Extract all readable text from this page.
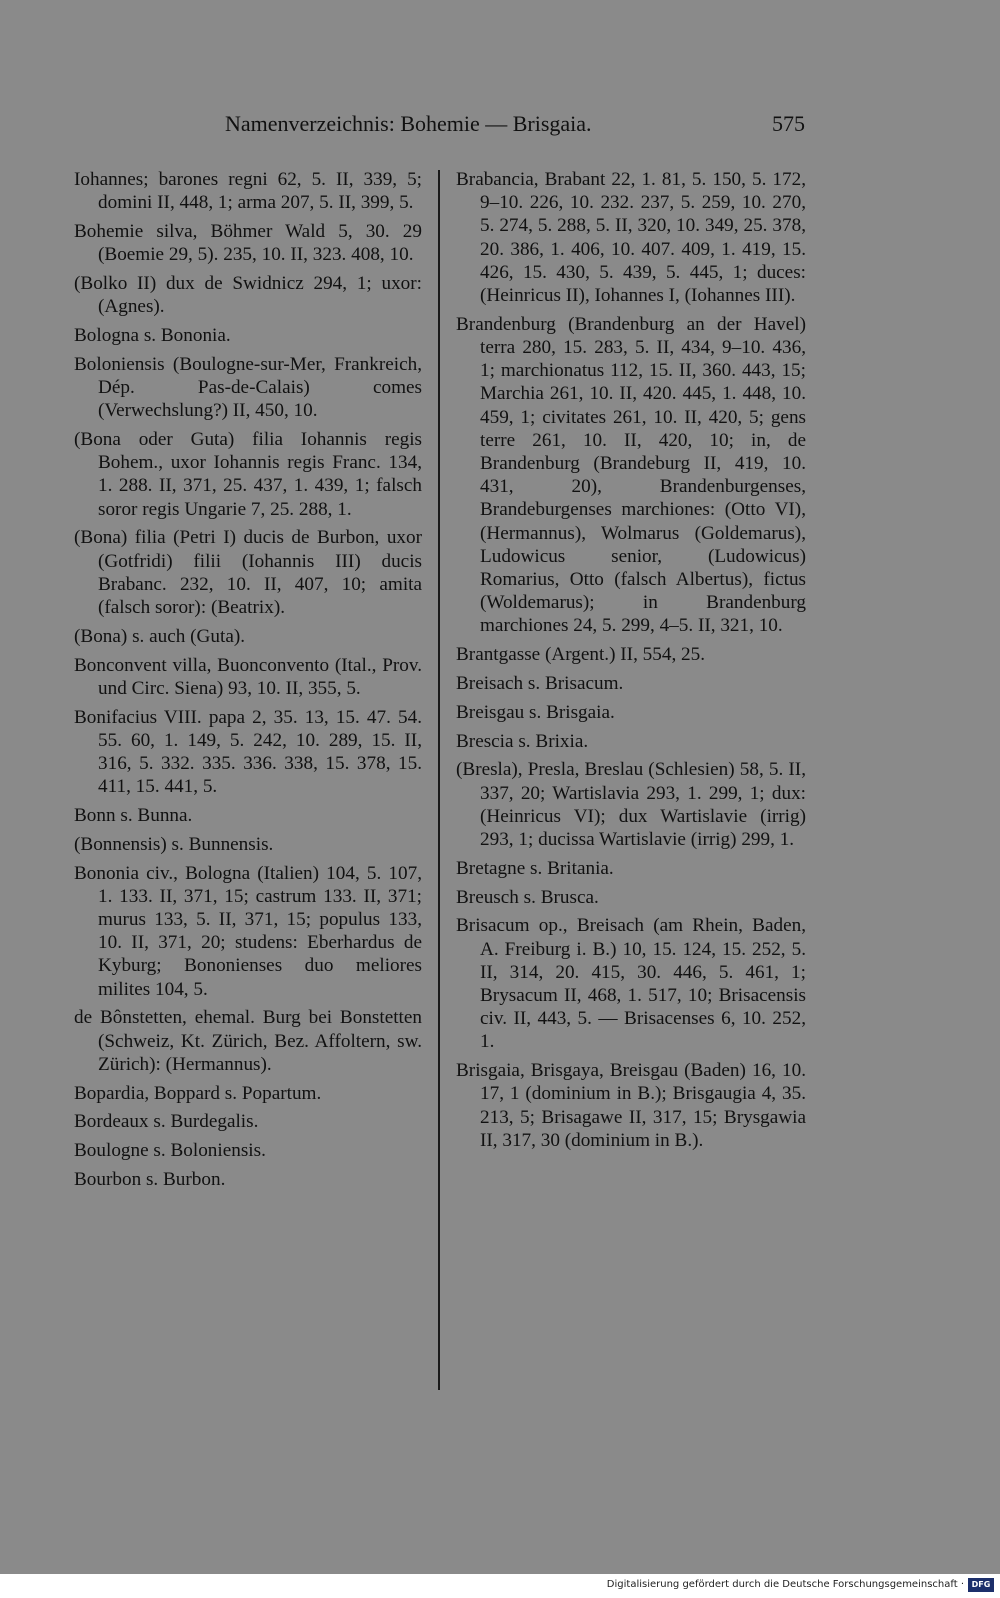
Namenverzeichnis: Bohemie — Brisgaia.	575

Iohannes; barones regni 62, 5. II, 339, 5; domini II, 448, 1; arma 207, 5. II, 399, 5.

Bohemie silva, Böhmer Wald 5, 30. 29 (Boemie 29, 5). 235, 10. II, 323. 408, 10.

(Bolko II) dux de Swidnicz 294, 1; uxor: (Agnes).

Bologna s. Bononia.

Boloniensis (Boulogne-sur-Mer, Frankreich, Dép. Pas-de-Calais) comes (Verwechslung?) II, 450, 10.

(Bona oder Guta) filia Iohannis regis Bohem., uxor Iohannis regis Franc. 134, 1. 288. II, 371, 25. 437, 1. 439, 1; falsch soror regis Ungarie 7, 25. 288, 1.

(Bona) filia (Petri I) ducis de Burbon, uxor (Gotfridi) filii (Iohannis III) ducis Brabanc. 232, 10. II, 407, 10; amita (falsch soror): (Beatrix).

(Bona) s. auch (Guta).

Bonconvent villa, Buonconvento (Ital., Prov. und Circ. Siena) 93, 10. II, 355, 5.

Bonifacius VIII. papa 2, 35. 13, 15. 47. 54. 55. 60, 1. 149, 5. 242, 10. 289, 15. II, 316, 5. 332. 335. 336. 338, 15. 378, 15. 411, 15. 441, 5.

Bonn s. Bunna.

(Bonnensis) s. Bunnensis.

Bononia civ., Bologna (Italien) 104, 5. 107, 1. 133. II, 371, 15; castrum 133. II, 371; murus 133, 5. II, 371, 15; populus 133, 10. II, 371, 20; studens: Eberhardus de Kyburg; Bononienses duo meliores milites 104, 5.

de Bônstetten, ehemal. Burg bei Bonstetten (Schweiz, Kt. Zürich, Bez. Affoltern, sw. Zürich): (Hermannus).

Bopardia, Boppard s. Popartum.

Bordeaux s. Burdegalis.

Boulogne s. Boloniensis.

Bourbon s. Burbon.

Brabancia, Brabant 22, 1. 81, 5. 150, 5. 172, 9–10. 226, 10. 232. 237, 5. 259, 10. 270, 5. 274, 5. 288, 5. II, 320, 10. 349, 25. 378, 20. 386, 1. 406, 10. 407. 409, 1. 419, 15. 426, 15. 430, 5. 439, 5. 445, 1; duces: (Heinricus II), Iohannes I, (Iohannes III).

Brandenburg (Brandenburg an der Havel) terra 280, 15. 283, 5. II, 434, 9–10. 436, 1; marchionatus 112, 15. II, 360. 443, 15; Marchia 261, 10. II, 420. 445, 1. 448, 10. 459, 1; civitates 261, 10. II, 420, 5; gens terre 261, 10. II, 420, 10; in, de Brandenburg (Brandeburg II, 419, 10. 431, 20), Brandenburgenses, Brandeburgenses marchiones: (Otto VI), (Hermannus), Wolmarus (Goldemarus), Ludowicus senior, (Ludowicus) Romarius, Otto (falsch Albertus), fictus (Woldemarus); in Brandenburg marchiones 24, 5. 299, 4–5. II, 321, 10.

Brantgasse (Argent.) II, 554, 25.

Breisach s. Brisacum.

Breisgau s. Brisgaia.

Brescia s. Brixia.

(Bresla), Presla, Breslau (Schlesien) 58, 5. II, 337, 20; Wartislavia 293, 1. 299, 1; dux: (Heinricus VI); dux Wartislavie (irrig) 293, 1; ducissa Wartislavie (irrig) 299, 1.

Bretagne s. Britania.

Breusch s. Brusca.

Brisacum op., Breisach (am Rhein, Baden, A. Freiburg i. B.) 10, 15. 124, 15. 252, 5. II, 314, 20. 415, 30. 446, 5. 461, 1; Brysacum II, 468, 1. 517, 10; Brisacensis civ. II, 443, 5. — Brisacenses 6, 10. 252, 1.

Brisgaia, Brisgaya, Breisgau (Baden) 16, 10. 17, 1 (dominium in B.); Brisgaugia 4, 35. 213, 5; Brisagawe II, 317, 15; Brysgawia II, 317, 30 (dominium in B.).

Digitalisierung gefördert durch die Deutsche Forschungsgemeinschaft · DFG
